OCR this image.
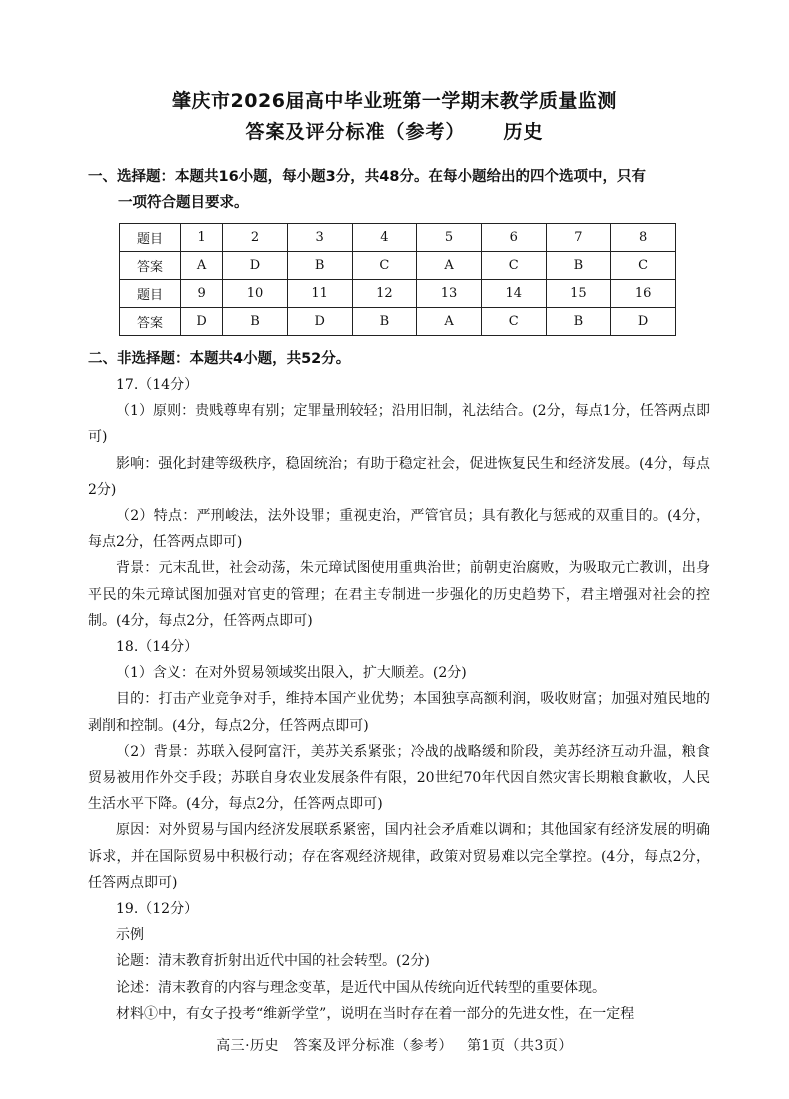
肇庆市2026届高中毕业班第一学期末教学质量监测
答案及评分标准（参考） 历史
一、选择题：本题共16小题，每小题3分，共48分。在每小题给出的四个选项中，只有
一项符合题目要求。
题目	1	2	3	4	5	6	7	8
答案	A	D	B	C	A	C	B	C
题目	9	10	11	12	13	14	15	16
答案	D	B	D	B	A	C	B	D
二、非选择题：本题共4小题，共52分。

17.（14分）

（1）原则：贵贱尊卑有别；定罪量刑较轻；沿用旧制，礼法结合。(2分，每点1分，任答两点即可)

影响：强化封建等级秩序，稳固统治；有助于稳定社会，促进恢复民生和经济发展。(4分，每点2分)

（2）特点：严刑峻法，法外设罪；重视吏治，严管官员；具有教化与惩戒的双重目的。(4分，每点2分，任答两点即可)

背景：元末乱世，社会动荡，朱元璋试图使用重典治世；前朝吏治腐败，为吸取元亡教训，出身平民的朱元璋试图加强对官吏的管理；在君主专制进一步强化的历史趋势下，君主增强对社会的控制。(4分，每点2分，任答两点即可)

18.（14分）

（1）含义：在对外贸易领域奖出限入，扩大顺差。(2分)

目的：打击产业竞争对手，维持本国产业优势；本国独享高额利润，吸收财富；加强对殖民地的剥削和控制。(4分，每点2分，任答两点即可)

（2）背景：苏联入侵阿富汗，美苏关系紧张；冷战的战略缓和阶段，美苏经济互动升温，粮食贸易被用作外交手段；苏联自身农业发展条件有限，20世纪70年代因自然灾害长期粮食歉收，人民生活水平下降。(4分，每点2分，任答两点即可)

原因：对外贸易与国内经济发展联系紧密，国内社会矛盾难以调和；其他国家有经济发展的明确诉求，并在国际贸易中积极行动；存在客观经济规律，政策对贸易难以完全掌控。(4分，每点2分，任答两点即可)

19.（12分）

示例

论题：清末教育折射出近代中国的社会转型。(2分)

论述：清末教育的内容与理念变革，是近代中国从传统向近代转型的重要体现。

材料①中，有女子投考“维新学堂”，说明在当时存在着一部分的先进女性，在一定程

高三·历史　答案及评分标准（参考） 第1页（共3页）
